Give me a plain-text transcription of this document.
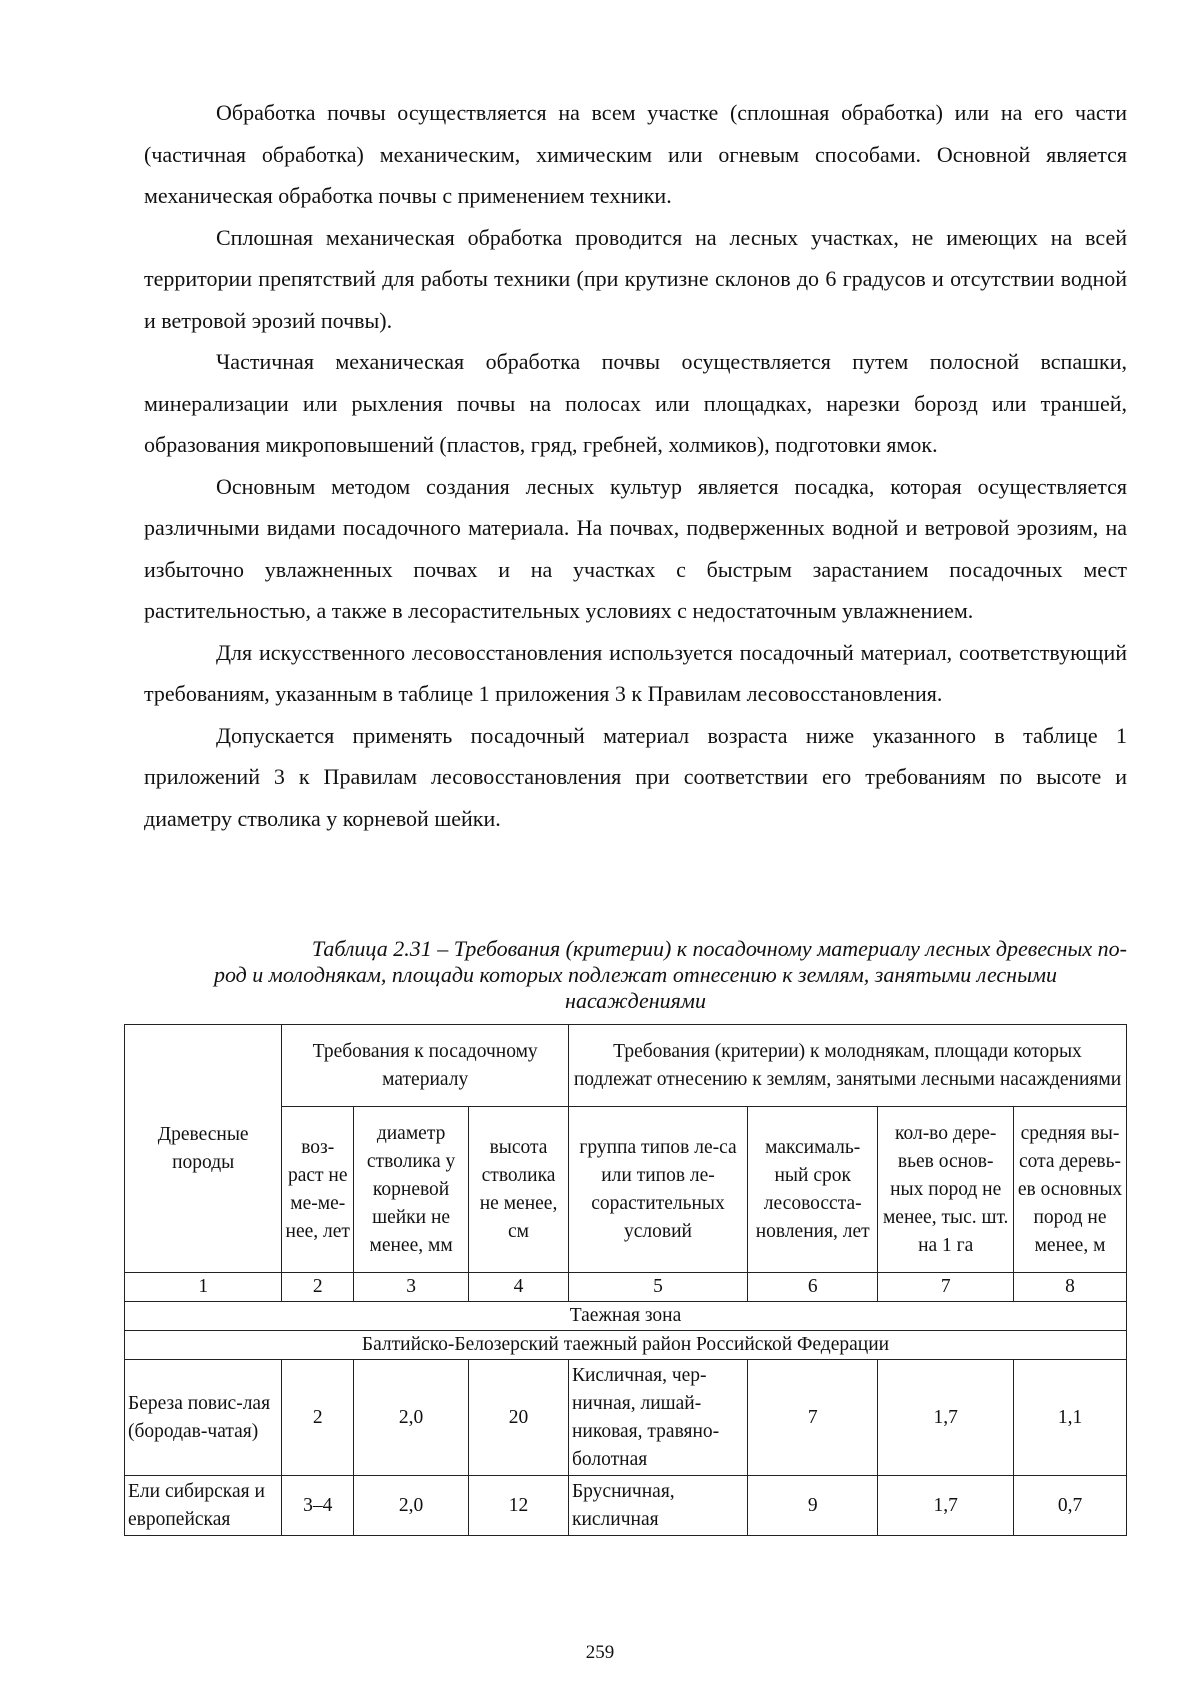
Обработка почвы осуществляется на всем участке (сплошная обработка) или на его части (частичная обработка) механическим, химическим или огневым способами. Основной является механическая обработка почвы с применением техники.

Сплошная механическая обработка проводится на лесных участках, не имеющих на всей территории препятствий для работы техники (при крутизне склонов до 6 градусов и отсутствии водной и ветровой эрозий почвы).

Частичная механическая обработка почвы осуществляется путем полосной вспашки, минерализации или рыхления почвы на полосах или площадках, нарезки борозд или траншей, образования микроповышений (пластов, гряд, гребней, холмиков), подготовки ямок.

Основным методом создания лесных культур является посадка, которая осуществляется различными видами посадочного материала. На почвах, подверженных водной и ветровой эрозиям, на избыточно увлажненных почвах и на участках с быстрым зарастанием посадочных мест растительностью, а также в лесорастительных условиях с недостаточным увлажнением.

Для искусственного лесовосстановления используется посадочный материал, соответствующий требованиям, указанным в таблице 1 приложения 3 к Правилам лесовосстановления.

Допускается применять посадочный материал возраста ниже указанного в таблице 1 приложений 3 к Правилам лесовосстановления при соответствии его требованиям по высоте и диаметру стволика у корневой шейки.

Таблица 2.31 – Требования (критерии) к посадочному материалу лесных древесных по-
род и молоднякам, площади которых подлежат отнесению к землям, занятыми лесными
насаждениями
Древесные породы	Требования к посадочному материалу			Требования (критерии) к молоднякам, площади которых подлежат отнесению к землям, занятыми лесными насаждениями			
	воз-раст не ме-ме-нее, лет	диаметр стволика у корневой шейки не менее, мм	высота стволика не менее, см	группа типов ле-са или типов ле-сорастительных условий	максималь-ный срок лесовосста-новления, лет	кол-во дере-вьев основ-ных пород не менее, тыс. шт. на 1 га	средняя вы-сота деревь-ев основных пород не менее, м
1	2	3	4	5	6	7	8
Таежная зона							
Балтийско-Белозерский таежный район Российской Федерации							
Береза повис-лая (бородав-чатая)	2	2,0	20	Кисличная, чер-ничная, лишай-никовая, травяно-болотная	7	1,7	1,1
Ели сибирская и европейская	3–4	2,0	12	Брусничная, кисличная	9	1,7	0,7
259
